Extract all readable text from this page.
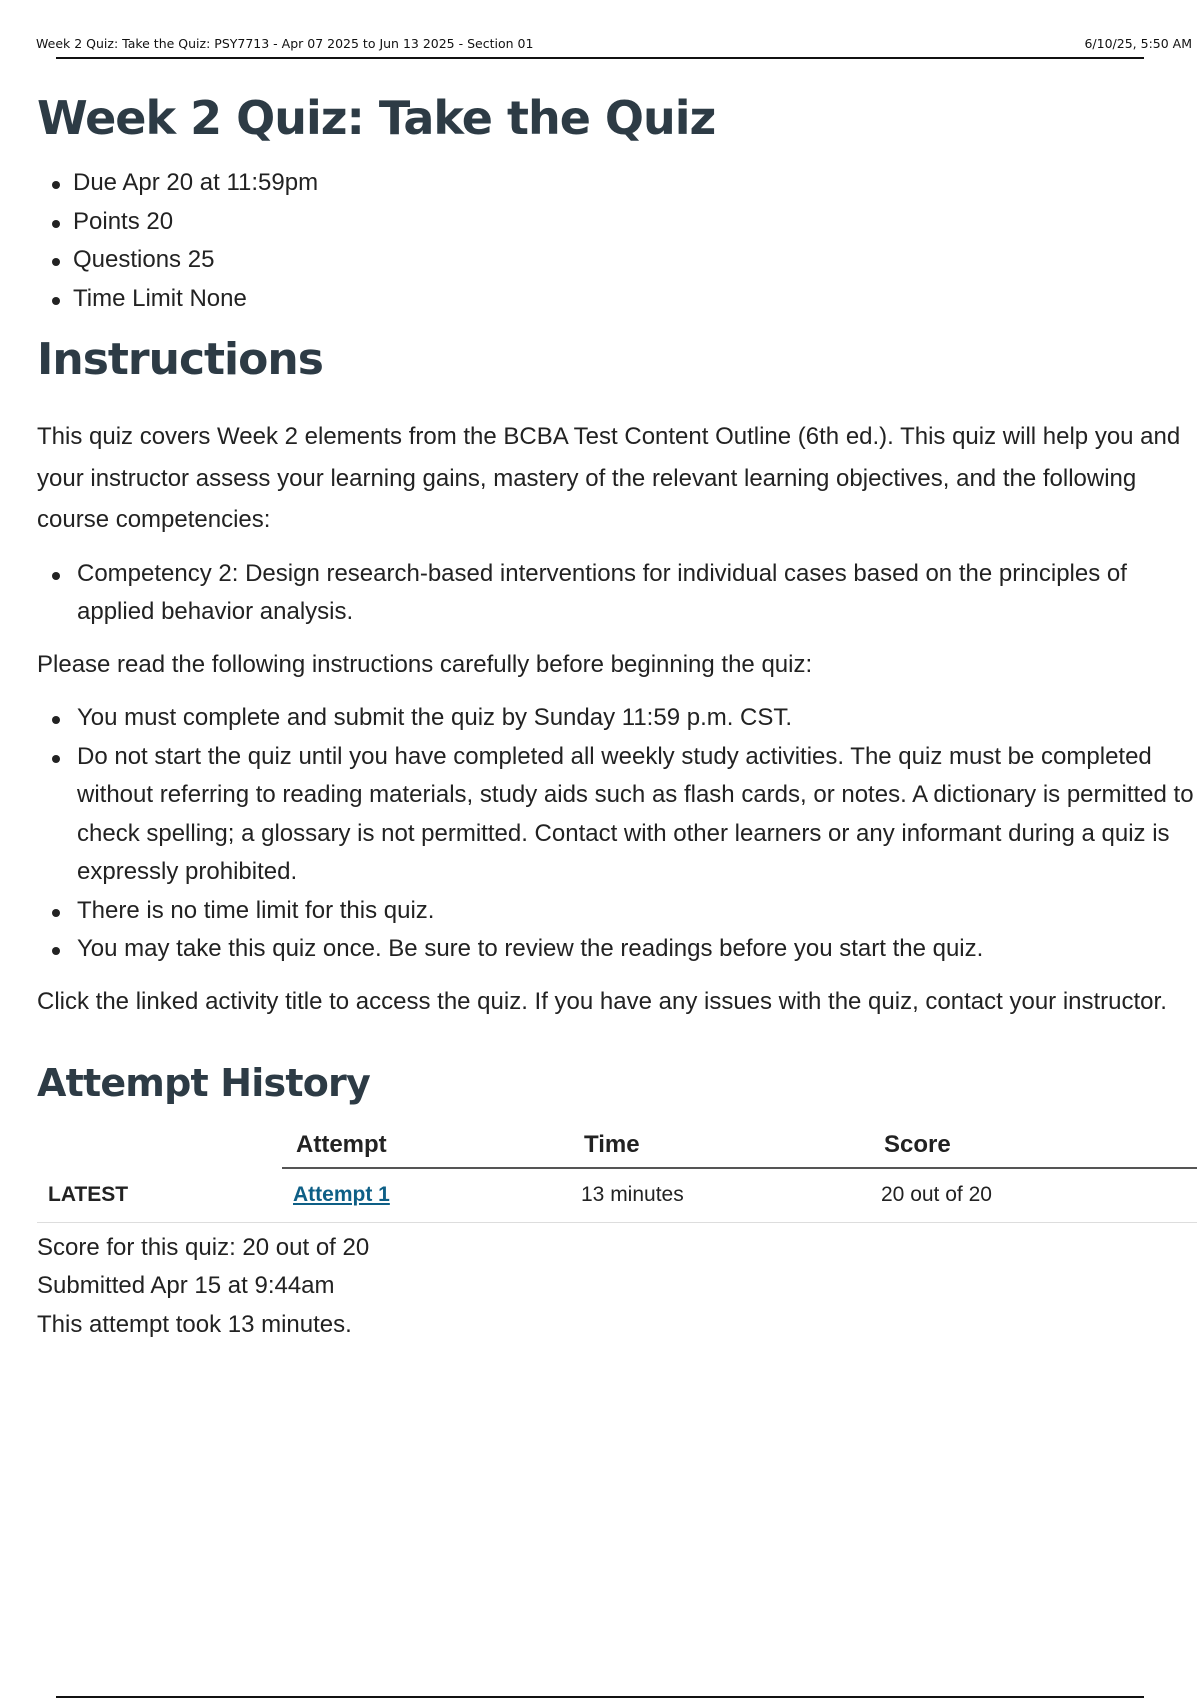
Week 2 Quiz: Take the Quiz: PSY7713 - Apr 07 2025 to Jun 13 2025 - Section 01	6/10/25, 5:50 AM
Week 2 Quiz: Take the Quiz
Due Apr 20 at 11:59pm
Points 20
Questions 25
Time Limit None
Instructions

This quiz covers Week 2 elements from the BCBA Test Content Outline (6th ed.). This quiz will help you and your instructor assess your learning gains, mastery of the relevant learning objectives, and the following course competencies:

Competency 2: Design research-based interventions for individual cases based on the principles of applied behavior analysis.

Please read the following instructions carefully before beginning the quiz:

You must complete and submit the quiz by Sunday 11:59 p.m. CST.
Do not start the quiz until you have completed all weekly study activities. The quiz must be completed without referring to reading materials, study aids such as flash cards, or notes. A dictionary is permitted to check spelling; a glossary is not permitted. Contact with other learners or any informant during a quiz is expressly prohibited.
There is no time limit for this quiz.
You may take this quiz once. Be sure to review the readings before you start the quiz.

Click the linked activity title to access the quiz. If you have any issues with the quiz, contact your instructor.

Attempt History
	Attempt	Time	Score
LATEST	Attempt 1	13 minutes	20 out of 20
Score for this quiz: 20 out of 20
Submitted Apr 15 at 9:44am
This attempt took 13 minutes.
